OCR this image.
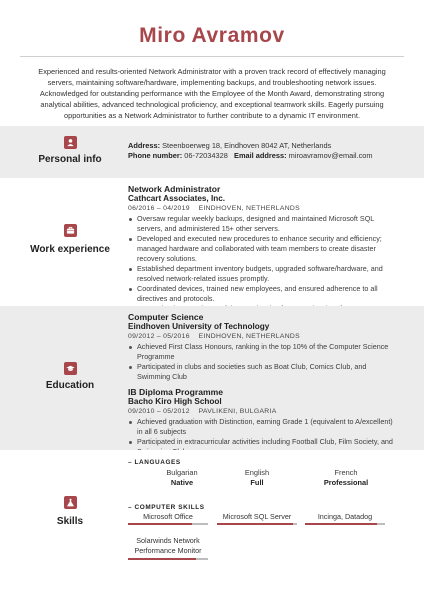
Miro Avramov
Experienced and results-oriented Network Administrator with a proven track record of effectively managing servers, maintaining software/hardware, implementing backups, and troubleshooting network issues. Acknowledged for outstanding performance with the Employee of the Month Award, demonstrating strong analytical abilities, advanced technological proficiency, and exceptional teamwork skills. Eagerly pursuing opportunities as a Network Administrator to further contribute to a dynamic IT environment.
Personal info
Address: Steenboerweg 18, Eindhoven 8042 AT, Netherlands
Phone number: 06-72034328 Email address: miroavramov@email.com
Work experience
Network Administrator
Cathcart Associates, Inc.
06/2016 – 04/2019 EINDHOVEN, NETHERLANDS
Oversaw regular weekly backups, designed and maintained Microsoft SQL servers, and administered 15+ other servers.
Developed and executed new procedures to enhance security and efficiency; managed hardware and collaborated with team members to create disaster recovery solutions.
Established department inventory budgets, upgraded software/hardware, and resolved network-related issues promptly.
Coordinated devices, trained new employees, and ensured adherence to all directives and protocols.
Education
Computer Science
Eindhoven University of Technology
09/2012 – 05/2016 EINDHOVEN, NETHERLANDS
Achieved First Class Honours, ranking in the top 10% of the Computer Science Programme
Participated in clubs and societies such as Boat Club, Comics Club, and Swimming Club
IB Diploma Programme
Bacho Kiro High School
09/2010 – 05/2012 PAVLIKENI, BULGARIA
Achieved graduation with Distinction, earning Grade 1 (equivalent to A/excellent) in all 6 subjects
Participated in extracurricular activities including Football Club, Film Society, and
Skills
– LANGUAGES
Bulgarian
Native
English
Full
French
Professional
– COMPUTER SKILLS
Microsoft Office	Microsoft SQL Server	Incinga, Datadog
Solarwinds Network Performance Monitor
